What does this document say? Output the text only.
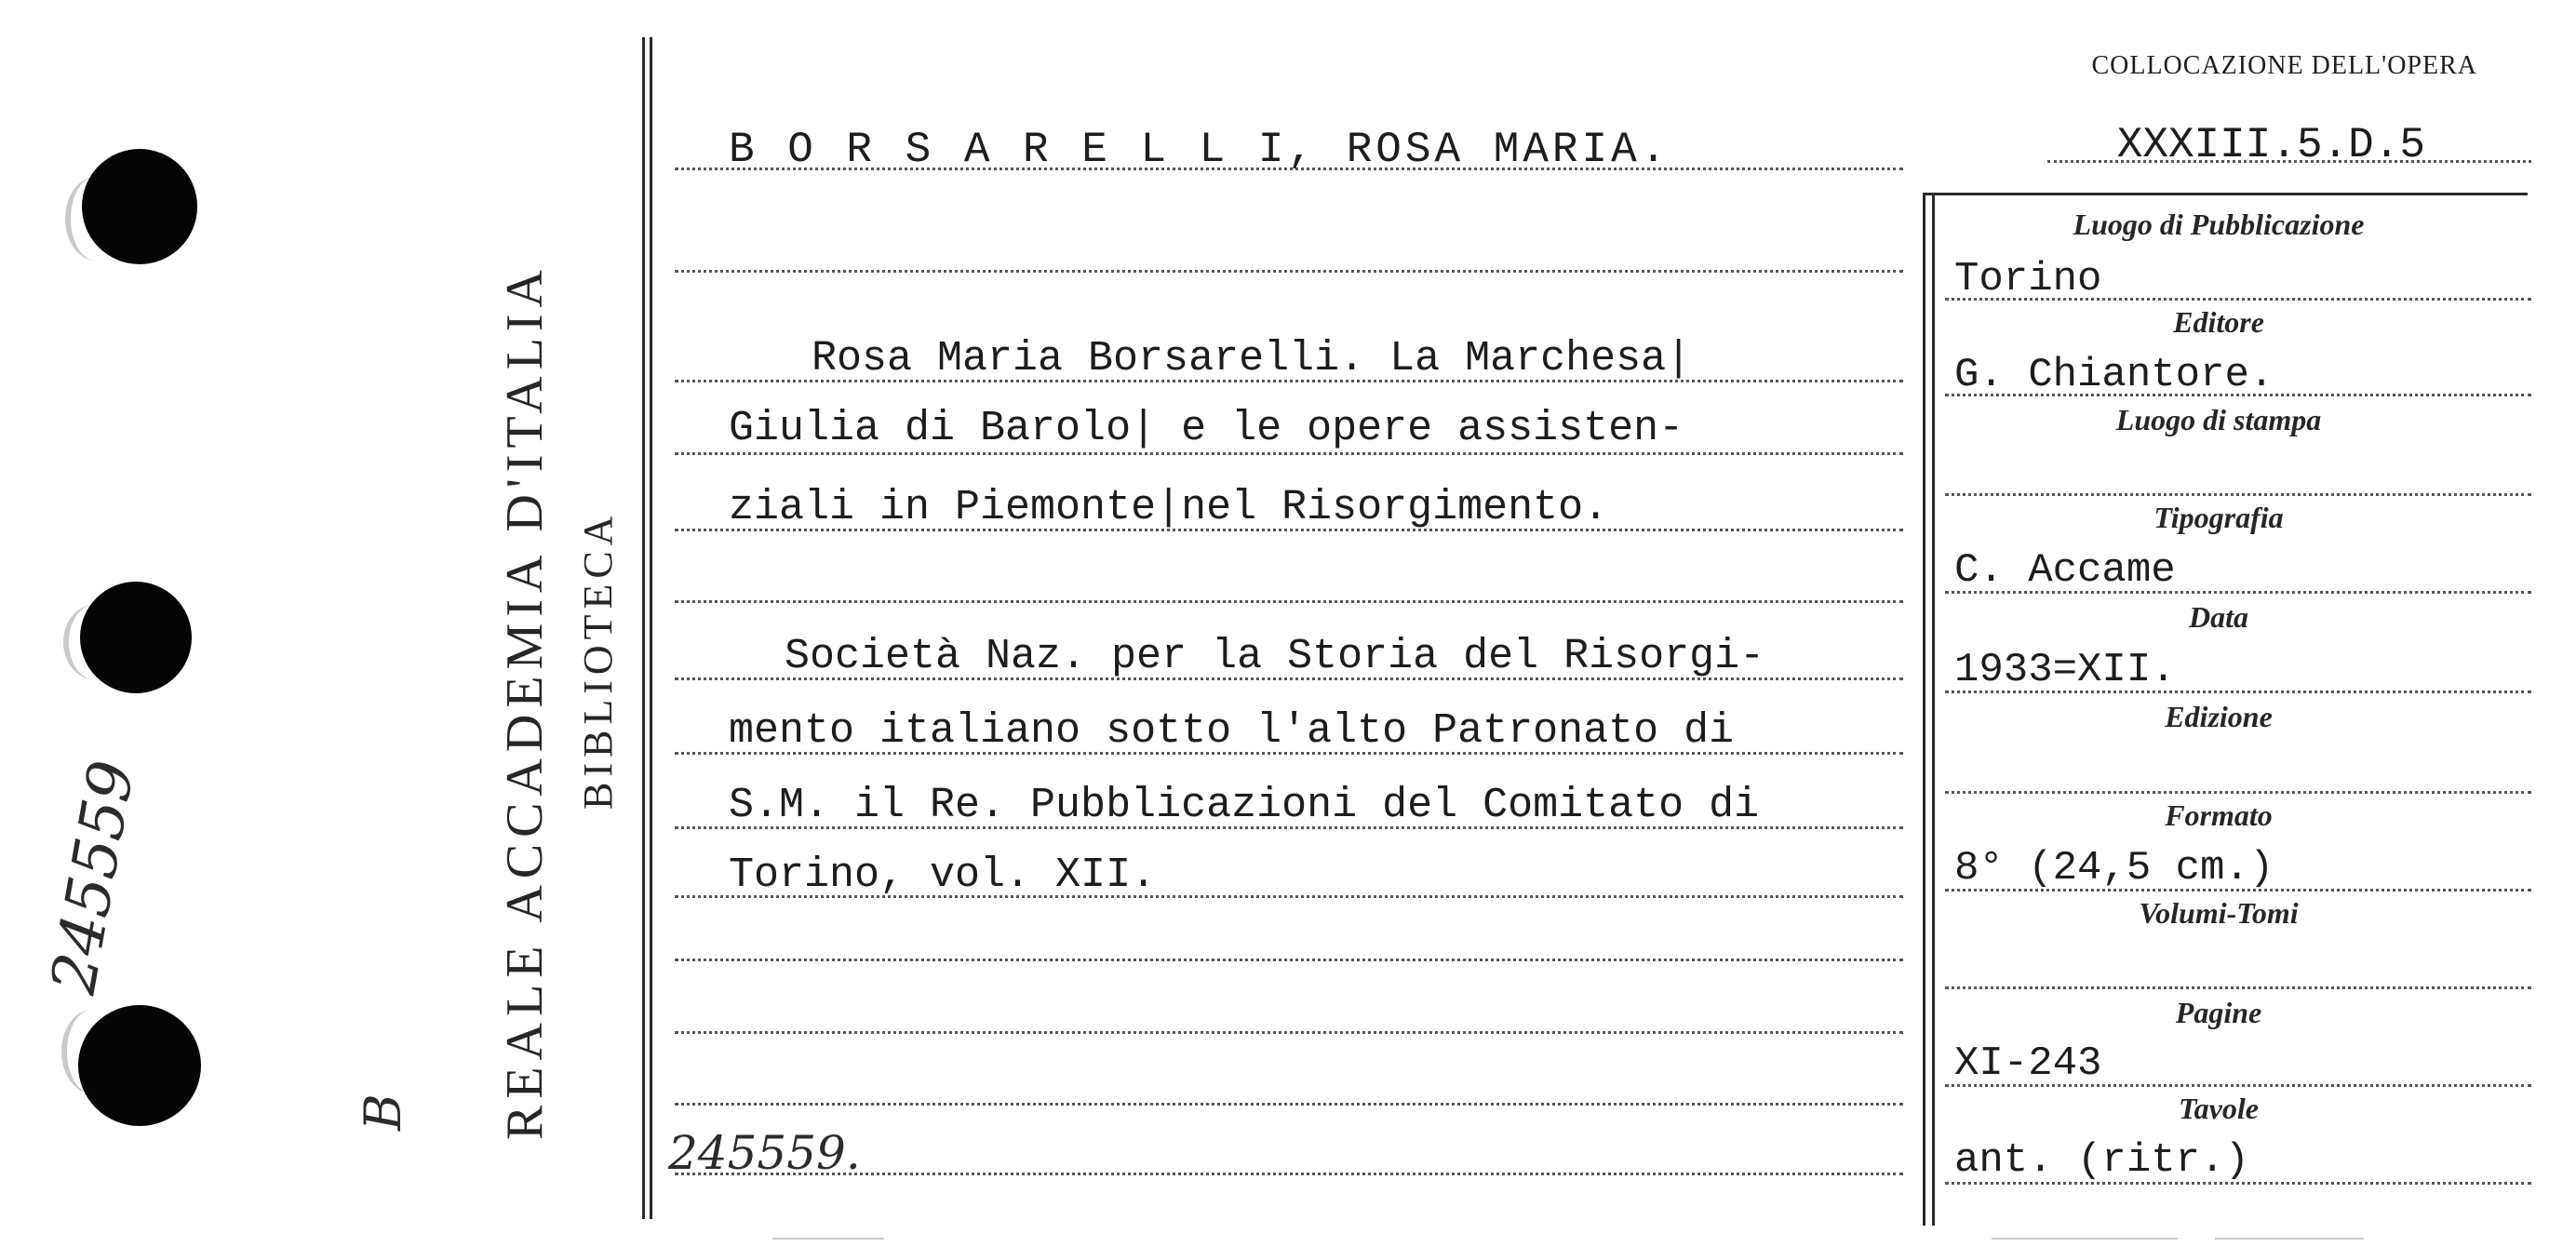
245559
B REALE ACCADEMIA D'ITALIA BIBLIOTECA
COLLOCAZIONE DELL'OPERA
XXXIII.5.D.5
B O R S A R E L L I, ROSA MARIA.
Rosa Maria Borsarelli. La Marchesa|
Giulia di Barolo| e le opere assisten-
ziali in Piemonte|nel Risorgimento.
Società Naz. per la Storia del Risorgi-
mento italiano sotto l'alto Patronato di
S.M. il Re. Pubblicazioni del Comitato di
Torino, vol. XII.
245559.
Luogo di Pubblicazione
Torino
Editore
G. Chiantore.
Luogo di stampa
Tipografia
C. Accame
Data
1933=XII.
Edizione
Formato
8° (24,5 cm.)
Volumi-Tomi
Pagine
XI-243
Tavole
ant. (ritr.)
